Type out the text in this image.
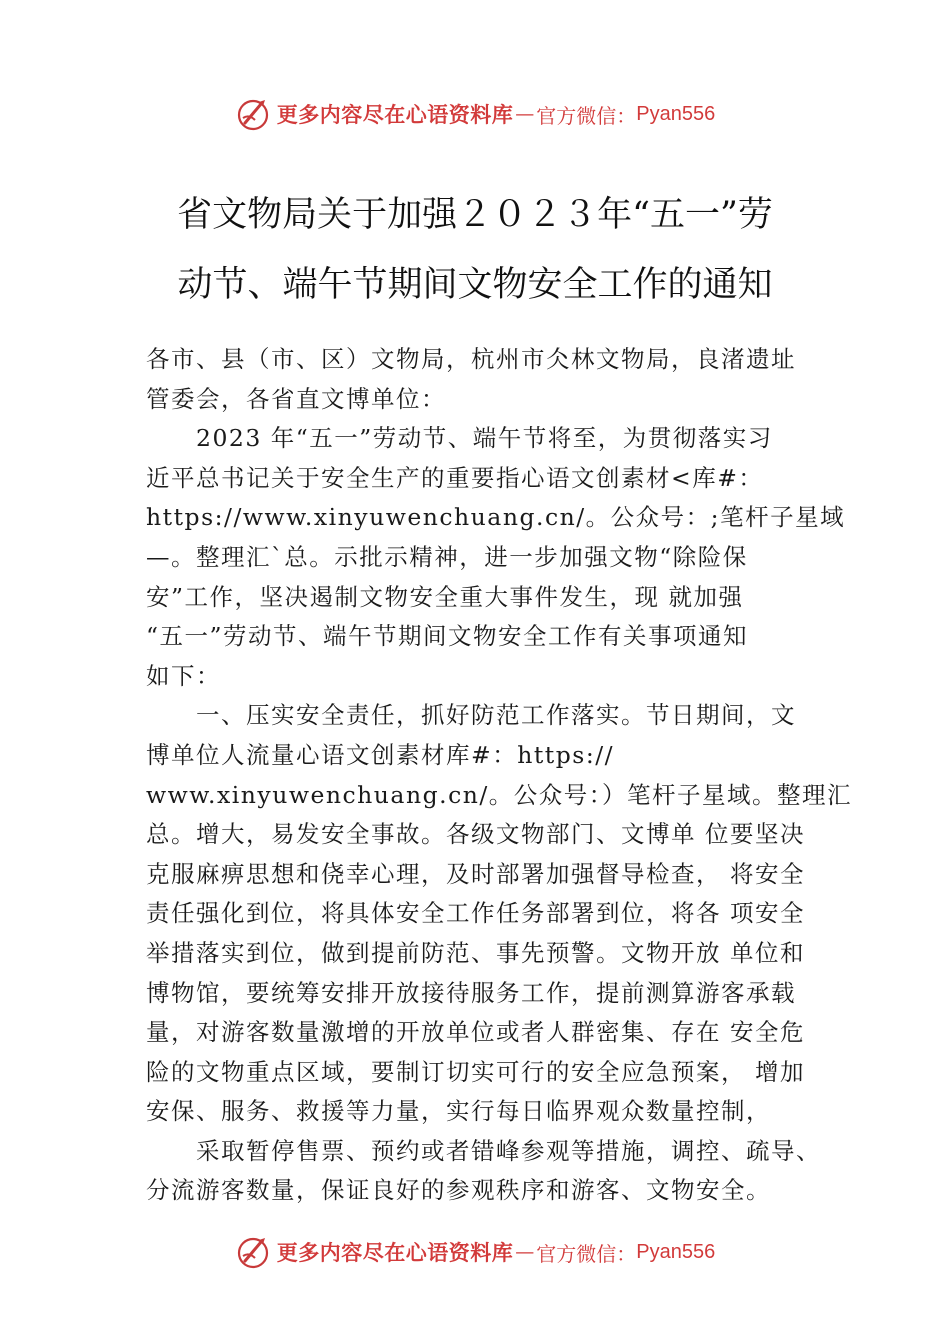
更多内容尽在心语资料库 — 官方微信： Pyan556
省文物局关于加强２０２３年“五一”劳
动节、端午节期间文物安全工作的通知
各市、县（市、区）文物局，杭州市仌林文物局，良渚遗址
管委会，各省直文博单位：
2023 年“五一”劳动节、端午节将至，为贯彻落实习
近平总书记关于安全生产的重要指心语文创素材<库#：
https://www.xinyuwenchuang.cn/。公众号：;笔杆子星域
—。整理汇`总。示批示精神，进一步加强文物“除险保
安”工作，坚决遏制文物安全重大事件发生，现 就加强
“五一”劳动节、端午节期间文物安全工作有关事项通知
如下：
一、压实安全责任，抓好防范工作落实。节日期间，文
博单位人流量心语文创素材库#：https://
www.xinyuwenchuang.cn/。公众号：）笔杆子星域。整理汇
总。增大，易发安全事故。各级文物部门、文博单 位要坚决
克服麻痹思想和侥幸心理，及时部署加强督导检查， 将安全
责任强化到位，将具体安全工作任务部署到位，将各 项安全
举措落实到位，做到提前防范、事先预警。文物开放 单位和
博物馆，要统筹安排开放接待服务工作，提前测算游客承载
量，对游客数量激增的开放单位或者人群密集、存在 安全危
险的文物重点区域，要制订切实可行的安全应急预案， 增加
安保、服务、救援等力量，实行每日临界观众数量控制，
采取暂停售票、预约或者错峰参观等措施，调控、疏导、
分流游客数量，保证良好的参观秩序和游客、文物安全。
更多内容尽在心语资料库 — 官方微信： Pyan556
